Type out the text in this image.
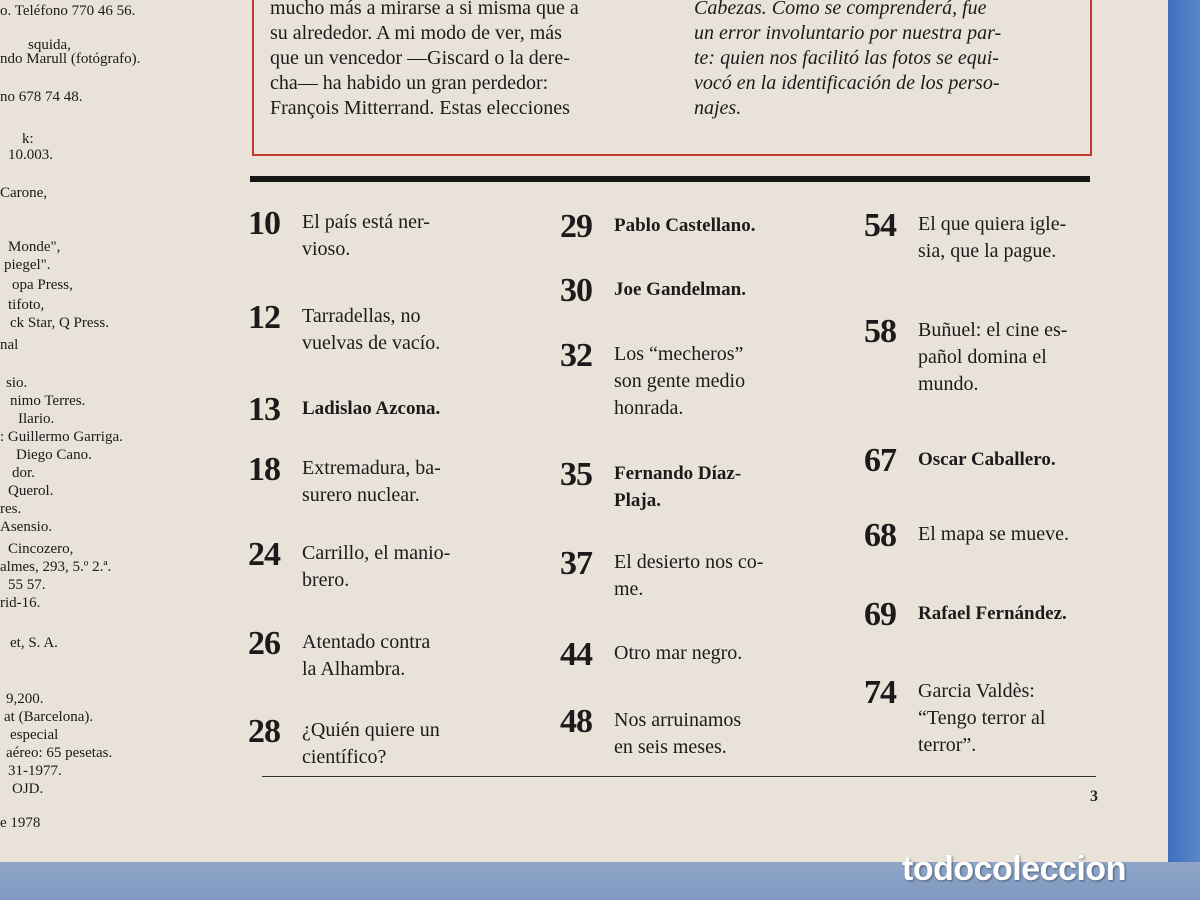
o. Teléfono 770 46 56.
squida,
ndo Marull (fotógrafo).
no 678 74 48.
k:
10.003.
Carone,
Monde",
piegel".
opa Press,
tifoto,
ck Star, Q Press.
nal
sio.
nimo Terres.
Ilario.
: Guillermo Garriga.
Diego Cano.
dor.
Querol.
res.
Asensio.
Cincozero,
almes, 293, 5.º 2.ª.
55 57.
rid-16.
et, S. A.
9,200.
at (Barcelona).
especial
aéreo: 65 pesetas.
31-1977.
OJD.
e 1978
mucho más a mirarse a si misma que a
su alrededor. A mi modo de ver, más
que un vencedor —Giscard o la dere-
cha— ha habido un gran perdedor:
François Mitterrand. Estas elecciones
Cabezas. Como se comprenderá, fue
un error involuntario por nuestra par-
te: quien nos facilitó las fotos se equi-
vocó en la identificación de los perso-
najes.
10 El país está ner-
vioso.
12 Tarradellas, no
vuelvas de vacío.
13 Ladislao Azcona.
18 Extremadura, ba-
surero nuclear.
24 Carrillo, el manio-
brero.
26 Atentado contra
la Alhambra.
28 ¿Quién quiere un
científico?
29 Pablo Castellano.
30 Joe Gandelman.
32 Los “mecheros”
son gente medio
honrada.
35 Fernando Díaz-
Plaja.
37 El desierto nos co-
me.
44 Otro mar negro.
48 Nos arruinamos
en seis meses.
54 El que quiera igle-
sia, que la pague.
58 Buñuel: el cine es-
pañol domina el
mundo.
67 Oscar Caballero.
68 El mapa se mueve.
69 Rafael Fernández.
74 Garcia Valdès:
“Tengo terror al
terror”.
3
todocoleccion
